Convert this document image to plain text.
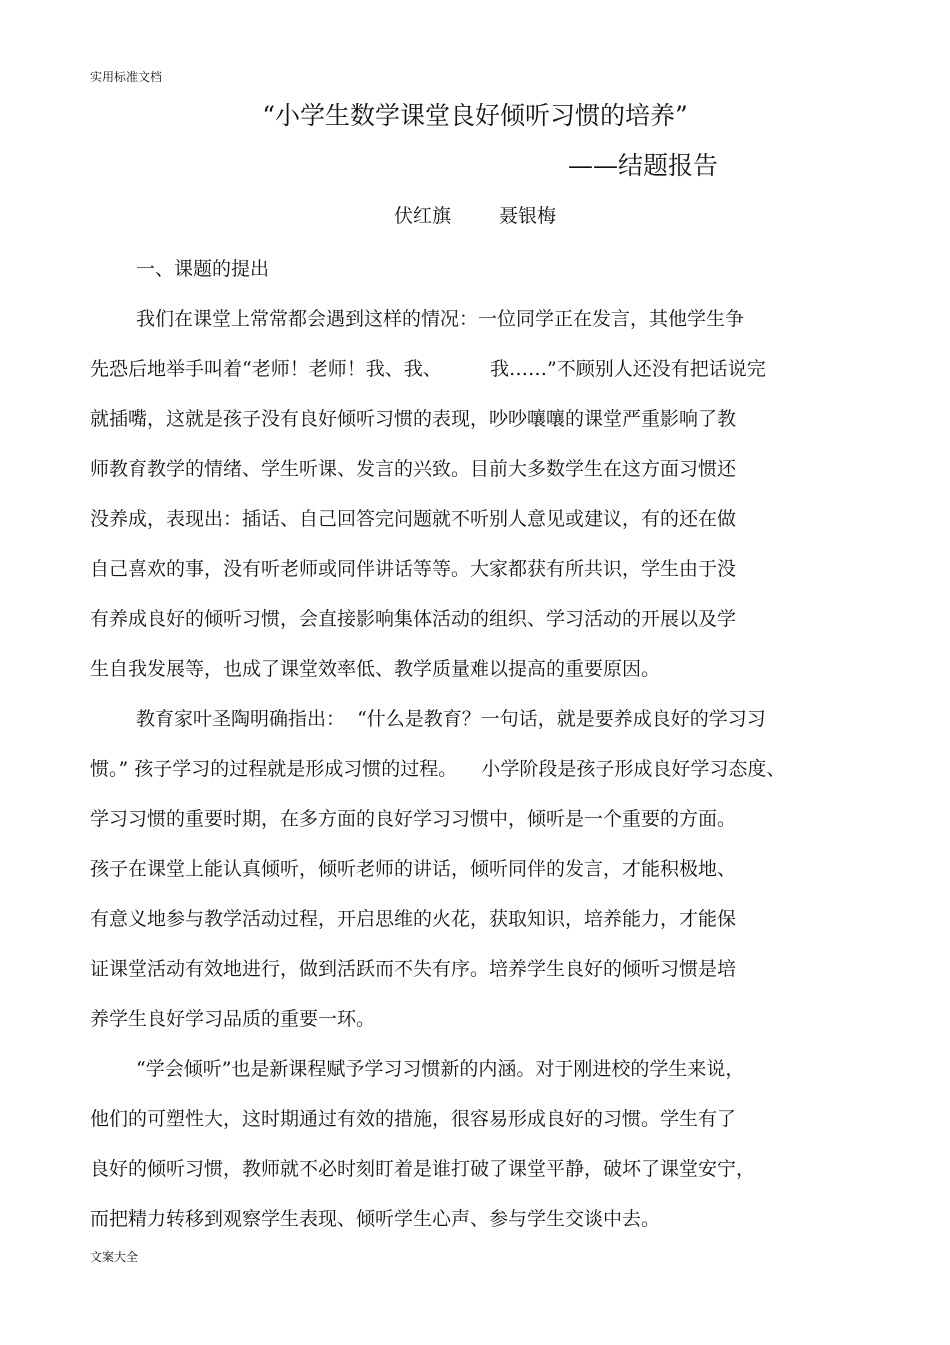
实用标准文档
“小学生数学课堂良好倾听习惯的培养”
——结题报告
伏红旗	聂银梅
一、课题的提出
我们在课堂上常常都会遇到这样的情况：一位同学正在发言，其他学生争
先恐后地举手叫着“老师！老师！我、我、        我……”不顾别人还没有把话说完
就插嘴，这就是孩子没有良好倾听习惯的表现，吵吵嚷嚷的课堂严重影响了教
师教育教学的情绪、学生听课、发言的兴致。目前大多数学生在这方面习惯还
没养成，表现出：插话、自己回答完问题就不听别人意见或建议，有的还在做
自己喜欢的事，没有听老师或同伴讲话等等。大家都获有所共识，学生由于没
有养成良好的倾听习惯，会直接影响集体活动的组织、学习活动的开展以及学
生自我发展等，也成了课堂效率低、教学质量难以提高的重要原因。
教育家叶圣陶明确指出：  “什么是教育？一句话，就是要养成良好的学习习
惯。” 孩子学习的过程就是形成习惯的过程。    小学阶段是孩子形成良好学习态度、
学习习惯的重要时期，在多方面的良好学习习惯中，倾听是一个重要的方面。
孩子在课堂上能认真倾听，倾听老师的讲话，倾听同伴的发言，才能积极地、
有意义地参与教学活动过程，开启思维的火花，获取知识，培养能力，才能保
证课堂活动有效地进行，做到活跃而不失有序。培养学生良好的倾听习惯是培
养学生良好学习品质的重要一环。
“学会倾听”也是新课程赋予学习习惯新的内涵。对于刚进校的学生来说，
他们的可塑性大，这时期通过有效的措施，很容易形成良好的习惯。学生有了
良好的倾听习惯，教师就不必时刻盯着是谁打破了课堂平静，破坏了课堂安宁，
而把精力转移到观察学生表现、倾听学生心声、参与学生交谈中去。
文案大全
